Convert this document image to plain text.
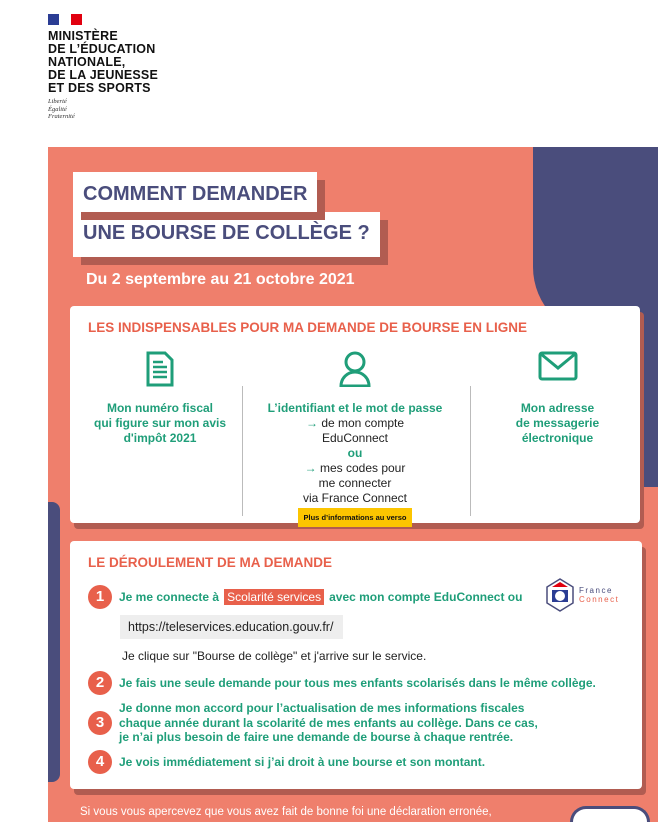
MINISTÈRE
DE L’ÉDUCATION
NATIONALE,
DE LA JEUNESSE
ET DES SPORTS
Liberté
Égalité
Fraternité
UNE BOURSE DE COLLÈGE ?
COMMENT DEMANDER
Du 2 septembre au 21 octobre 2021
LES INDISPENSABLES POUR MA DEMANDE DE BOURSE EN LIGNE
Mon numéro fiscal
qui figure sur mon avis
d'impôt 2021
L’identifiant et le mot de passe
→ de mon compte
EduConnect
ou
→ mes codes pour
me connecter
via France Connect
Plus d’informations au verso
Mon adresse
de messagerie
électronique
LE DÉROULEMENT DE MA DEMANDE
1	Je me connecte à Scolarité services avec mon compte EduConnect ou	France
Connect
https://teleservices.education.gouv.fr/
Je clique sur "Bourse de collège" et j'arrive sur le service.
2	Je fais une seule demande pour tous mes enfants scolarisés dans le même collège.
3
Je donne mon accord pour l’actualisation de mes informations fiscales
chaque année durant la scolarité de mes enfants au collège. Dans ce cas,
je n’ai plus besoin de faire une demande de bourse à chaque rentrée.
4	Je vois immédiatement si j’ai droit à une bourse et son montant.
Si vous vous apercevez que vous avez fait de bonne foi une déclaration erronée,
